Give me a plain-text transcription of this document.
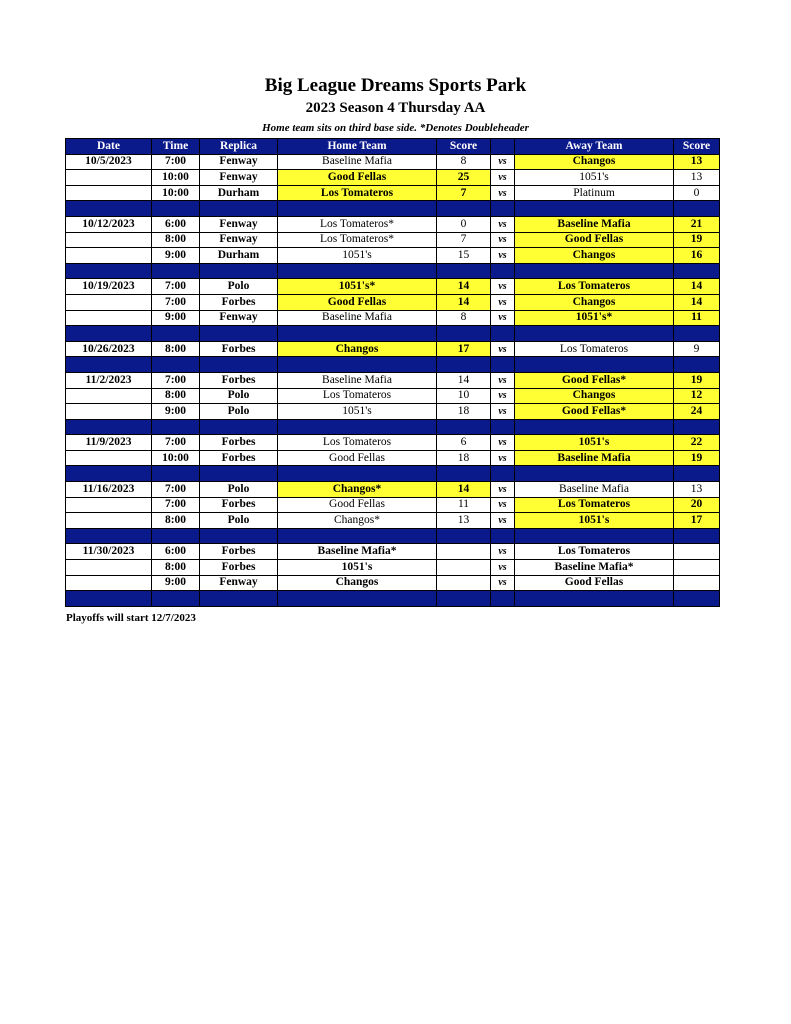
Big League Dreams Sports Park
2023 Season 4 Thursday AA
Home team sits on third base side. *Denotes Doubleheader
Date	Time	Replica	Home Team	Score		Away Team	Score
10/5/2023	7:00	Fenway	Baseline Mafia	8	vs	Changos	13
	10:00	Fenway	Good Fellas	25	vs	1051's	13
	10:00	Durham	Los Tomateros	7	vs	Platinum	0

10/12/2023	6:00	Fenway	Los Tomateros*	0	vs	Baseline Mafia	21
	8:00	Fenway	Los Tomateros*	7	vs	Good Fellas	19
	9:00	Durham	1051's	15	vs	Changos	16

10/19/2023	7:00	Polo	1051's*	14	vs	Los Tomateros	14
	7:00	Forbes	Good Fellas	14	vs	Changos	14
	9:00	Fenway	Baseline Mafia	8	vs	1051's*	11

10/26/2023	8:00	Forbes	Changos	17	vs	Los Tomateros	9

11/2/2023	7:00	Forbes	Baseline Mafia	14	vs	Good Fellas*	19
	8:00	Polo	Los Tomateros	10	vs	Changos	12
	9:00	Polo	1051's	18	vs	Good Fellas*	24

11/9/2023	7:00	Forbes	Los Tomateros	6	vs	1051's	22
	10:00	Forbes	Good Fellas	18	vs	Baseline Mafia	19

11/16/2023	7:00	Polo	Changos*	14	vs	Baseline Mafia	13
	7:00	Forbes	Good Fellas	11	vs	Los Tomateros	20
	8:00	Polo	Changos*	13	vs	1051's	17

11/30/2023	6:00	Forbes	Baseline Mafia*		vs	Los Tomateros	
	8:00	Forbes	1051's		vs	Baseline Mafia*	
	9:00	Fenway	Changos		vs	Good Fellas	

Playoffs will start 12/7/2023
